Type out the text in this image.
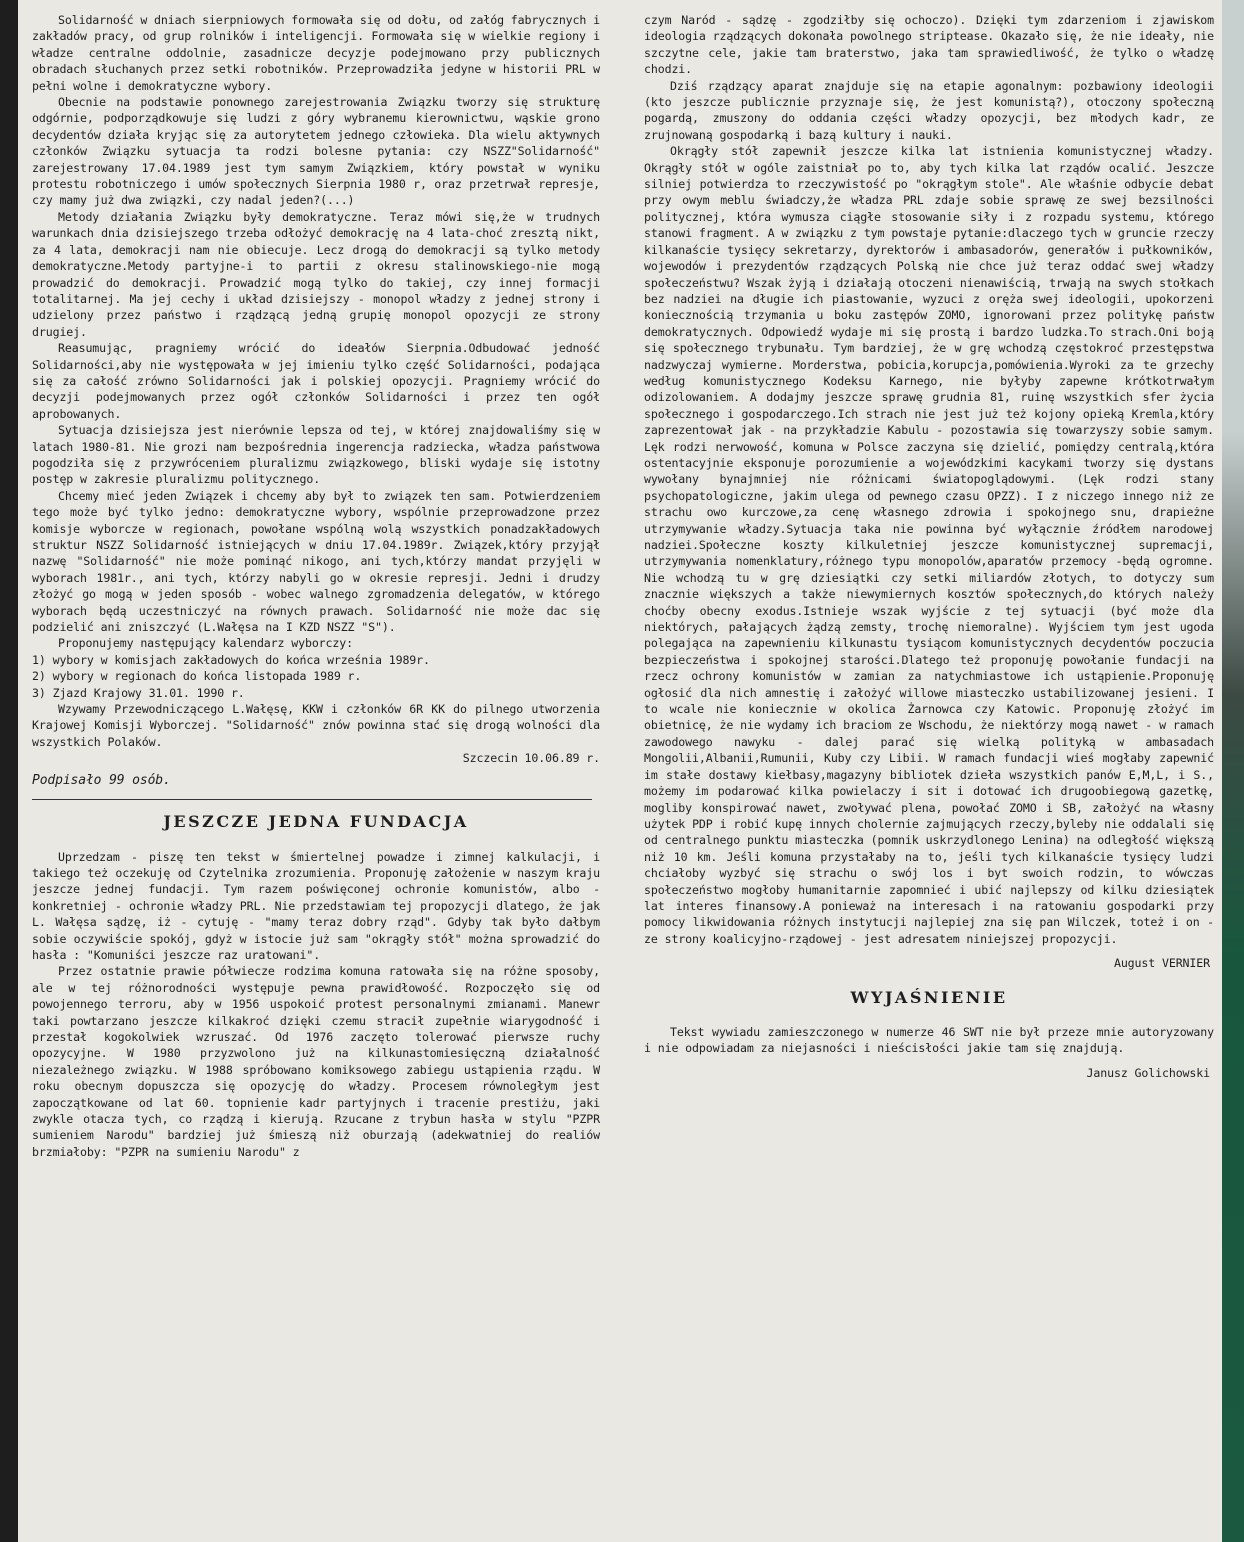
Solidarność w dniach sierpniowych formowała się od dołu, od załóg fabrycznych i zakładów pracy, od grup rolników i inteligencji. Formowała się w wielkie regiony i władze centralne oddolnie, zasadnicze decyzje podejmowano przy publicznych obradach słuchanych przez setki robotników. Przeprowadziła jedyne w historii PRL w pełni wolne i demokratyczne wybory.

Obecnie na podstawie ponownego zarejestrowania Związku tworzy się strukturę odgórnie, podporządkowuje się ludzi z góry wybranemu kierownictwu, wąskie grono decydentów działa kryjąc się za autorytetem jednego człowieka. Dla wielu aktywnych członków Związku sytuacja ta rodzi bolesne pytania: czy NSZZ"Solidarność" zarejestrowany 17.04.1989 jest tym samym Związkiem, który powstał w wyniku protestu robotniczego i umów społecznych Sierpnia 1980 r, oraz przetrwał represje, czy mamy już dwa związki, czy nadal jeden?(...)

Metody działania Związku były demokratyczne. Teraz mówi się,że w trudnych warunkach dnia dzisiejszego trzeba odłożyć demokrację na 4 lata-choć zresztą nikt, za 4 lata, demokracji nam nie obiecuje. Lecz drogą do demokracji są tylko metody demokratyczne.Metody partyjne-i to partii z okresu stalinowskiego-nie mogą prowadzić do demokracji. Prowadzić mogą tylko do takiej, czy innej formacji totalitarnej. Ma jej cechy i układ dzisiejszy - monopol władzy z jednej strony i udzielony przez państwo i rządzącą jedną grupię monopol opozycji ze strony drugiej.

Reasumując, pragniemy wrócić do ideałów Sierpnia.Odbudować jedność Solidarności,aby nie występowała w jej imieniu tylko część Solidarności, podająca się za całość zrówno Solidarności jak i polskiej opozycji. Pragniemy wrócić do decyzji podejmowanych przez ogół członków Solidarności i przez ten ogół aprobowanych.

Sytuacja dzisiejsza jest nierównie lepsza od tej, w której znajdowaliśmy się w latach 1980-81. Nie grozi nam bezpośrednia ingerencja radziecka, władza państwowa pogodziła się z przywróceniem pluralizmu związkowego, bliski wydaje się istotny postęp w zakresie pluralizmu politycznego.

Chcemy mieć jeden Związek i chcemy aby był to związek ten sam. Potwierdzeniem tego może być tylko jedno: demokratyczne wybory, wspólnie przeprowadzone przez komisje wyborcze w regionach, powołane wspólną wolą wszystkich ponadzakładowych struktur NSZZ Solidarność istniejących w dniu 17.04.1989r. Związek,który przyjął nazwę "Solidarność" nie może pominąć nikogo, ani tych,którzy mandat przyjęli w wyborach 1981r., ani tych, którzy nabyli go w okresie represji. Jedni i drudzy złożyć go mogą w jeden sposób - wobec walnego zgromadzenia delegatów, w którego wyborach będą uczestniczyć na równych prawach. Solidarność nie może dac się podzielić ani zniszczyć (L.Wałęsa na I KZD NSZZ "S").

Proponujemy następujący kalendarz wyborczy:

1) wybory w komisjach zakładowych do końca września 1989r.
2) wybory w regionach do końca listopada 1989 r.
3) Zjazd Krajowy 31.01. 1990 r.

Wzywamy Przewodniczącego L.Wałęsę, KKW i członków 6R KK do pilnego utworzenia Krajowej Komisji Wyborczej. "Solidarność" znów powinna stać się drogą wolności dla wszystkich Polaków.

Szczecin 10.06.89 r.
Podpisało 99 osób.
JESZCZE JEDNA FUNDACJA

Uprzedzam - piszę ten tekst w śmiertelnej powadze i zimnej kalkulacji, i takiego też oczekuję od Czytelnika zrozumienia. Proponuję założenie w naszym kraju jeszcze jednej fundacji. Tym razem poświęconej ochronie komunistów, albo - konkretniej - ochronie władzy PRL. Nie przedstawiam tej propozycji dlatego, że jak L. Wałęsa sądzę, iż - cytuję - "mamy teraz dobry rząd". Gdyby tak było dałbym sobie oczywiście spokój, gdyż w istocie już sam "okrągły stół" można sprowadzić do hasła : "Komuniści jeszcze raz uratowani".

Przez ostatnie prawie półwiecze rodzima komuna ratowała się na różne sposoby, ale w tej różnorodności występuje pewna prawidłowość. Rozpoczęło się od powojennego terroru, aby w 1956 uspokoić protest personalnymi zmianami. Manewr taki powtarzano jeszcze kilkakroć dzięki czemu stracił zupełnie wiarygodność i przestał kogokolwiek wzruszać. Od 1976 zaczęto tolerować pierwsze ruchy opozycyjne. W 1980 przyzwolono już na kilkunastomiesięczną działalność niezależnego związku. W 1988 spróbowano komiksowego zabiegu ustąpienia rządu. W roku obecnym dopuszcza się opozycję do władzy. Procesem równoległym jest zapoczątkowane od lat 60. topnienie kadr partyjnych i tracenie prestiżu, jaki zwykle otacza tych, co rządzą i kierują. Rzucane z trybun hasła w stylu "PZPR sumieniem Narodu" bardziej już śmieszą niż oburzają (adekwatniej do realiów brzmiałoby: "PZPR na sumieniu Narodu" z

czym Naród - sądzę - zgodziłby się ochoczo). Dzięki tym zdarzeniom i zjawiskom ideologia rządzących dokonała powolnego striptease. Okazało się, że nie ideały, nie szczytne cele, jakie tam braterstwo, jaka tam sprawiedliwość, że tylko o władzę chodzi.

Dziś rządzący aparat znajduje się na etapie agonalnym: pozbawiony ideologii (kto jeszcze publicznie przyznaje się, że jest komunistą?), otoczony społeczną pogardą, zmuszony do oddania części władzy opozycji, bez młodych kadr, ze zrujnowaną gospodarką i bazą kultury i nauki.

Okrągły stół zapewnił jeszcze kilka lat istnienia komunistycznej władzy. Okrągły stół w ogóle zaistniał po to, aby tych kilka lat rządów ocalić. Jeszcze silniej potwierdza to rzeczywistość po "okrągłym stole". Ale właśnie odbycie debat przy owym meblu świadczy,że władza PRL zdaje sobie sprawę ze swej bezsilności politycznej, która wymusza ciągłe stosowanie siły i z rozpadu systemu, którego stanowi fragment. A w związku z tym powstaje pytanie:dlaczego tych w gruncie rzeczy kilkanaście tysięcy sekretarzy, dyrektorów i ambasadorów, generałów i pułkowników, wojewodów i prezydentów rządzących Polską nie chce już teraz oddać swej władzy społeczeństwu? Wszak żyją i działają otoczeni nienawiścią, trwają na swych stołkach bez nadziei na długie ich piastowanie, wyzuci z oręża swej ideologii, upokorzeni koniecznością trzymania u boku zastępów ZOMO, ignorowani przez politykę państw demokratycznych. Odpowiedź wydaje mi się prostą i bardzo ludzka.To strach.Oni boją się społecznego trybunału. Tym bardziej, że w grę wchodzą częstokroć przestępstwa nadzwyczaj wymierne. Morderstwa, pobicia,korupcja,pomówienia.Wyroki za te grzechy według komunistycznego Kodeksu Karnego, nie byłyby zapewne krótkotrwałym odizolowaniem. A dodajmy jeszcze sprawę grudnia 81, ruinę wszystkich sfer życia społecznego i gospodarczego.Ich strach nie jest już też kojony opieką Kremla,który zaprezentował jak - na przykładzie Kabulu - pozostawia się towarzyszy sobie samym. Lęk rodzi nerwowość, komuna w Polsce zaczyna się dzielić, pomiędzy centralą,która ostentacyjnie eksponuje porozumienie a wojewódzkimi kacykami tworzy się dystans wywołany bynajmniej nie różnicami światopoglądowymi. (Lęk rodzi stany psychopatologiczne, jakim ulega od pewnego czasu OPZZ). I z niczego innego niż ze strachu owo kurczowe,za cenę własnego zdrowia i spokojnego snu, drapieżne utrzymywanie władzy.Sytuacja taka nie powinna być wyłącznie źródłem narodowej nadziei.Społeczne koszty kilkuletniej jeszcze komunistycznej supremacji, utrzymywania nomenklatury,różnego typu monopolów,aparatów przemocy -będą ogromne. Nie wchodzą tu w grę dziesiątki czy setki miliardów złotych, to dotyczy sum znacznie większych a także niewymiernych kosztów społecznych,do których należy choćby obecny exodus.Istnieje wszak wyjście z tej sytuacji (być może dla niektórych, pałających żądzą zemsty, trochę niemoralne). Wyjściem tym jest ugoda polegająca na zapewnieniu kilkunastu tysiącom komunistycznych decydentów poczucia bezpieczeństwa i spokojnej starości.Dlatego też proponuję powołanie fundacji na rzecz ochrony komunistów w zamian za natychmiastowe ich ustąpienie.Proponuję ogłosić dla nich amnestię i założyć willowe miasteczko ustabilizowanej jesieni. I to wcale nie koniecznie w okolica Żarnowca czy Katowic. Proponuję złożyć im obietnicę, że nie wydamy ich braciom ze Wschodu, że niektórzy mogą nawet - w ramach zawodowego nawyku - dalej parać się wielką polityką w ambasadach Mongolii,Albanii,Rumunii, Kuby czy Libii. W ramach fundacji wieś mogłaby zapewnić im stałe dostawy kiełbasy,magazyny bibliotek dzieła wszystkich panów E,M,L, i S., możemy im podarować kilka powielaczy i sit i dotować ich drugoobiegową gazetkę, mogliby konspirować nawet, zwoływać plena, powołać ZOMO i SB, założyć na własny użytek PDP i robić kupę innych cholernie zajmujących rzeczy,byleby nie oddalali się od centralnego punktu miasteczka (pomnik uskrzydlonego Lenina) na odległość większą niż 10 km. Jeśli komuna przystałaby na to, jeśli tych kilkanaście tysięcy ludzi chciałoby wyzbyć się strachu o swój los i byt swoich rodzin, to wówczas społeczeństwo mogłoby humanitarnie zapomnieć i ubić najlepszy od kilku dziesiątek lat interes finansowy.A ponieważ na interesach i na ratowaniu gospodarki przy pomocy likwidowania różnych instytucji najlepiej zna się pan Wilczek, toteż i on - ze strony koalicyjno-rządowej - jest adresatem niniejszej propozycji.

August VERNIER
WYJAŚNIENIE

Tekst wywiadu zamieszczonego w numerze 46 SWT nie był przeze mnie autoryzowany i nie odpowiadam za niejasności i nieścisłości jakie tam się znajdują.

Janusz Golichowski
